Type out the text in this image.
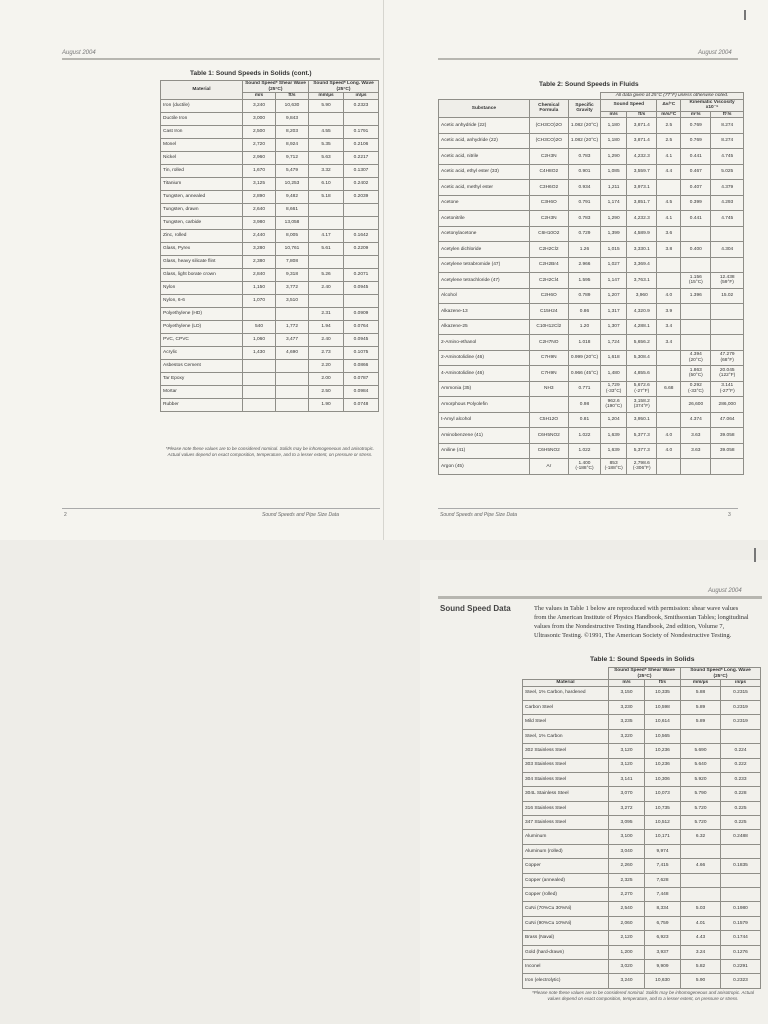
August 2004
Table 1: Sound Speeds in Solids (cont.)
Material	Sound Speed* Shear Wave (25°C)		Sound Speed* Long. Wave (25°C)	
	m/s	ft/s	mm/µs	in/µs
Iron (ductile)	3,240	10,630	5.90	0.2323
Ductile Iron	3,000	9,843		
Cast Iron	2,500	8,203	4.55	0.1791
Monel	2,720	8,924	5.35	0.2106
Nickel	2,960	9,712	5.63	0.2217
Tin, rolled	1,670	5,479	3.32	0.1307
Titanium	3,125	10,253	6.10	0.2402
Tungsten, annealed	2,890	9,482	5.18	0.2039
Tungsten, drawn	2,640	8,661		
Tungsten, carbide	3,980	13,058		
Zinc, rolled	2,440	8,005	4.17	0.1642
Glass, Pyrex	3,280	10,761	5.61	0.2209
Glass, heavy silicate flint	2,380	7,808		
Glass, light borate crown	2,840	9,318	5.26	0.2071
Nylon	1,150	3,772	2.40	0.0945
Nylon, 6-6	1,070	3,510		
Polyethylene (HD)			2.31	0.0909
Polyethylene (LD)	540	1,772	1.94	0.0764
PVC, CPVC	1,060	3,477	2.40	0.0945
Acrylic	1,430	4,690	2.73	0.1075
Asbestos Cement			2.20	0.0866
Tar Epoxy			2.00	0.0787
Mortar			2.50	0.0984
Rubber			1.90	0.0748
*Please note these values are to be considered nominal. Solids may be inhomogeneous and anisotropic. Actual values depend on exact composition, temperature, and to a lesser extent, on pressure or stress.
2	Sound Speeds and Pipe Size Data
August 2004
Table 2: Sound Speeds in Fluids
			All data given at 25°C (77°F) unless otherwise noted.				
Substance	Chemical Formula	Specific Gravity	Sound Speed		Δv/°C	Kinematic Viscosity x10⁻⁶	
			m/s	ft/s	m/s/°C	m²/s	ft²/s
Acetic anhydride (22)	(CH3CO)2O	1.082 (20°C)	1,180	3,871.4	2.5	0.769	8.274
Acetic acid, anhydride (22)	(CH3CO)2O	1.082 (20°C)	1,180	3,871.4	2.5	0.769	8.274
Acetic acid, nitrile	C2H3N	0.783	1,290	4,232.3	4.1	0.441	4.745
Acetic acid, ethyl ester (33)	C4H8O2	0.901	1,085	3,559.7	4.4	0.467	5.025
Acetic acid, methyl ester	C3H6O2	0.934	1,211	3,973.1		0.407	4.379
Acetone	C3H6O	0.791	1,174	3,851.7	4.5	0.399	4.293
Acetonitrile	C2H3N	0.783	1,290	4,232.3	4.1	0.441	4.745
Acetonylacetone	C6H10O2	0.729	1,399	4,589.9	3.6		
Acetylen dichloride	C2H2Cl2	1.26	1,015	3,330.1	3.8	0.400	4.304
Acetylene tetrabromide (47)	C2H2Br4	2.966	1,027	3,369.4			
Acetylene tetrachloride (47)	C2H2Cl4	1.595	1,147	3,763.1		1.156 (15°C)	12.438 (59°F)
Alcohol	C2H6O	0.789	1,207	3,960	4.0	1.396	15.02
Alkazene-13	C15H24	0.86	1,317	4,320.9	3.9		
Alkazene-25	C10H12Cl2	1.20	1,307	4,288.1	3.4		
2-Amino-ethanol	C2H7NO	1.018	1,724	5,656.2	3.4		
2-Aminotolidine (46)	C7H9N	0.999 (20°C)	1,618	5,308.4		4.394 (20°C)	47.279 (68°F)
4-Aminotolidine (46)	C7H9N	0.966 (45°C)	1,480	4,855.6		1.863 (50°C)	20.045 (122°F)
Ammonia (35)	NH3	0.771	1,729 (-33°C)	5,672.6 (-27°F)	6.68	0.292 (-33°C)	3.141 (-27°F)
Amorphous Polyolefin		0.98	962.6 (190°C)	3,158.2 (374°F)		26,600	286,000
t-Amyl alcohol	C5H12O	0.81	1,204	3,950.1		4.374	47.064
Aminobenzene (41)	C6H5NO2	1.022	1,639	5,377.3	4.0	3.63	39.058
Aniline (41)	C6H5NO2	1.022	1,639	5,377.3	4.0	3.63	39.058
Argon (45)	Ar	1.400 (-188°C)	853 (-188°C)	2,798.6 (-306°F)			
Sound Speeds and Pipe Size Data	3
August 2004
Sound Speed Data	The values in Table 1 below are reproduced with permission: shear wave values from the American Institute of Physics Handbook, Smithsonian Tables; longitudinal values from the Nondestructive Testing Handbook, 2nd edition, Volume 7, Ultrasonic Testing. ©1991, The American Society of Nondestructive Testing.
Table 1: Sound Speeds in Solids
	Sound Speed* Shear Wave (25°C)		Sound Speed* Long. Wave (25°C)	

Material	m/s	ft/s	mm/µs	in/µs
Steel, 1% Carbon, hardened	3,150	10,335	5.88	0.2315
Carbon Steel	3,230	10,598	5.89	0.2319
Mild Steel	3,235	10,614	5.89	0.2319
Steel, 1% Carbon	3,220	10,565		
302 Stainless Steel	3,120	10,236	5.690	0.224
303 Stainless Steel	3,120	10,236	5.640	0.222
304 Stainless Steel	3,141	10,306	5.920	0.233
304L Stainless Steel	3,070	10,073	5.790	0.228
316 Stainless Steel	3,272	10,735	5.720	0.225
347 Stainless Steel	3,095	10,512	5.720	0.225
Aluminum	3,100	10,171	6.32	0.2488
Aluminum (rolled)	3,040	9,974		
Copper	2,260	7,415	4.66	0.1835
Copper (annealed)	2,325	7,628		
Copper (rolled)	2,270	7,448		
CuNi (70%Cu 30%Ni)	2,540	8,334	5.03	0.1980
CuNi (90%Cu 10%Ni)	2,060	6,759	4.01	0.1579
Brass (Naval)	2,120	6,923	4.43	0.1744
Gold (hard-drawn)	1,200	3,937	3.24	0.1276
Inconel	3,020	9,909	5.82	0.2291
Iron (electrolytic)	3,240	10,630	5.90	0.2323
*Please note these values are to be considered nominal. Solids may be inhomogeneous and anisotropic. Actual values depend on exact composition, temperature, and to a lesser extent, on pressure or stress.
